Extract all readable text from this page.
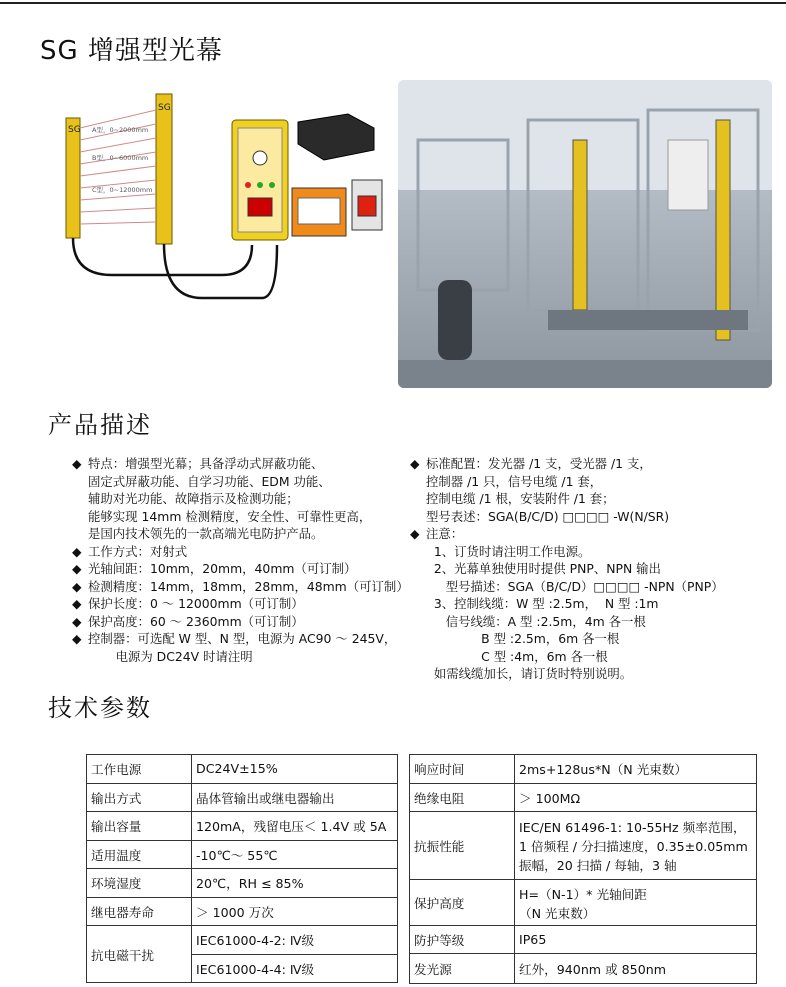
SG 增强型光幕
SG
SG
A型，0~2000mm
B型，0~6000mm
C型，0~12000mm
产品描述
◆ 特点：增强型光幕；具备浮动式屏蔽功能、
固定式屏蔽功能、自学习功能、EDM 功能、
辅助对光功能、故障指示及检测功能；
能够实现 14mm 检测精度，安全性、可靠性更高，
是国内技术领先的一款高端光电防护产品。
◆ 工作方式：对射式
◆ 光轴间距：10mm，20mm，40mm（可订制）
◆ 检测精度：14mm，18mm，28mm，48mm（可订制）
◆ 保护长度：0 ～ 12000mm（可订制）
◆ 保护高度：60 ～ 2360mm（可订制）
◆ 控制器：可选配 W 型、N 型，电源为 AC90 ～ 245V，
电源为 DC24V 时请注明
◆ 标准配置：发光器 /1 支，受光器 /1 支，
控制器 /1 只，信号电缆 /1 套，
控制电缆 /1 根，安装附件 /1 套；
型号表述：SGA(B/C/D) □□□□ -W(N/SR)
◆ 注意：
1、订货时请注明工作电源。
2、光幕单独使用时提供 PNP、NPN 输出
型号描述：SGA（B/C/D）□□□□ -NPN（PNP）
3、控制线缆：W 型 :2.5m，  N 型 :1m
信号线缆：A 型 :2.5m，4m 各一根
B 型 :2.5m，6m 各一根
C 型 :4m，6m 各一根
如需线缆加长，请订货时特别说明。
技术参数
工作电源	DC24V±15%
输出方式	晶体管输出或继电器输出
输出容量	120mA，残留电压＜ 1.4V 或 5A
适用温度	-10℃～ 55℃
环境湿度	20℃，RH ≤ 85%
继电器寿命	＞ 1000 万次
抗电磁干扰	IEC61000-4-2: Ⅳ级
	IEC61000-4-4: Ⅳ级
响应时间	2ms+128us*N（N 光束数）
绝缘电阻	＞ 100MΩ
抗振性能	IEC/EN 61496-1: 10-55Hz 频率范围，
1 倍频程 / 分扫描速度，0.35±0.05mm
振幅，20 扫描 / 每轴，3 轴
保护高度	H=（N-1）* 光轴间距
（N 光束数）
防护等级	IP65
发光源	红外，940nm 或 850nm
